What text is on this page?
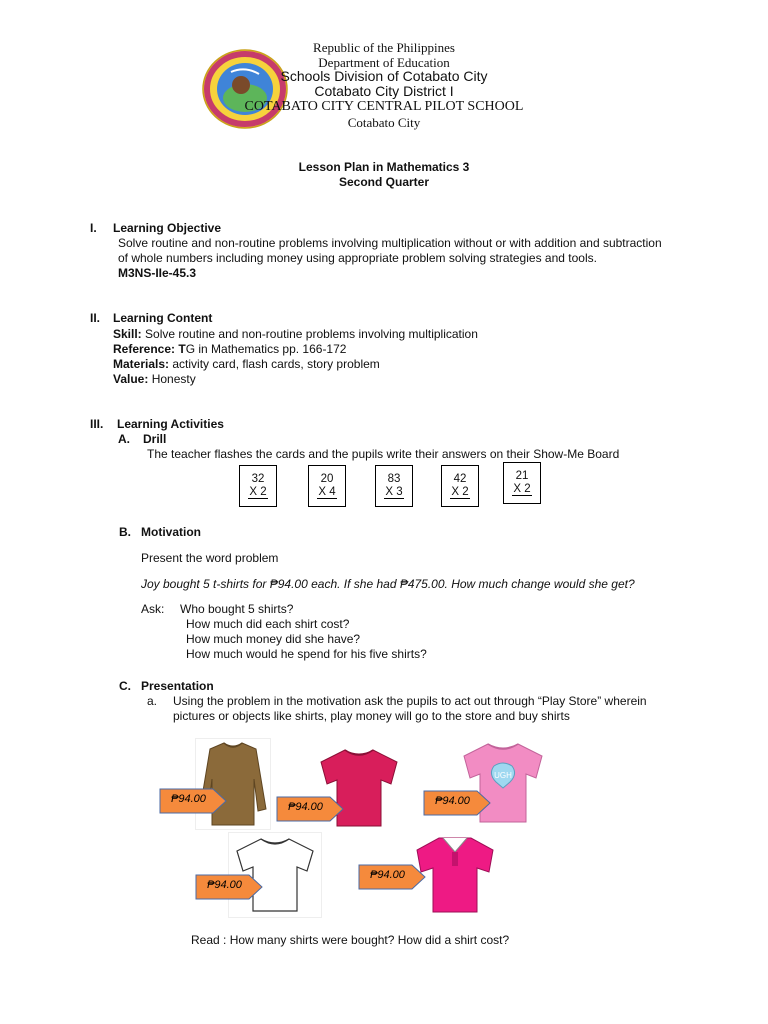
Republic of the Philippines
Department of Education
Schools Division of Cotabato City
Cotabato City District I
COTABATO CITY CENTRAL PILOT SCHOOL
Cotabato City
Lesson Plan in Mathematics 3
Second Quarter
I. Learning Objective
Solve routine and non-routine problems involving multiplication without or with addition and subtraction
of whole numbers including money using appropriate problem solving strategies and tools.
M3NS-IIe-45.3
II. Learning Content
Skill: Solve routine and non-routine problems involving multiplication
Reference: TG in Mathematics pp. 166-172
Materials: activity card, flash cards, story problem
Value: Honesty
III. Learning Activities
A. Drill
The teacher flashes the cards and the pupils write their answers on their Show-Me Board
32
X 2
20
X 4
83
X 3
42
X 2
21
X 2
B. Motivation
Present the word problem
Joy bought 5 t-shirts for ₱94.00 each. If she had ₱475.00. How much change would she get?
Ask: Who bought 5 shirts?
How much did each shirt cost?
How much money did she have?
How much would he spend for his five shirts?
C. Presentation
a. Using the problem in the motivation ask the pupils to act out through “Play Store” wherein
pictures or objects like shirts, play money will go to the store and buy shirts
UGH
₱94.00
₱94.00	₱94.00
₱94.00
₱94.00
Read : How many shirts were bought? How did a shirt cost?
